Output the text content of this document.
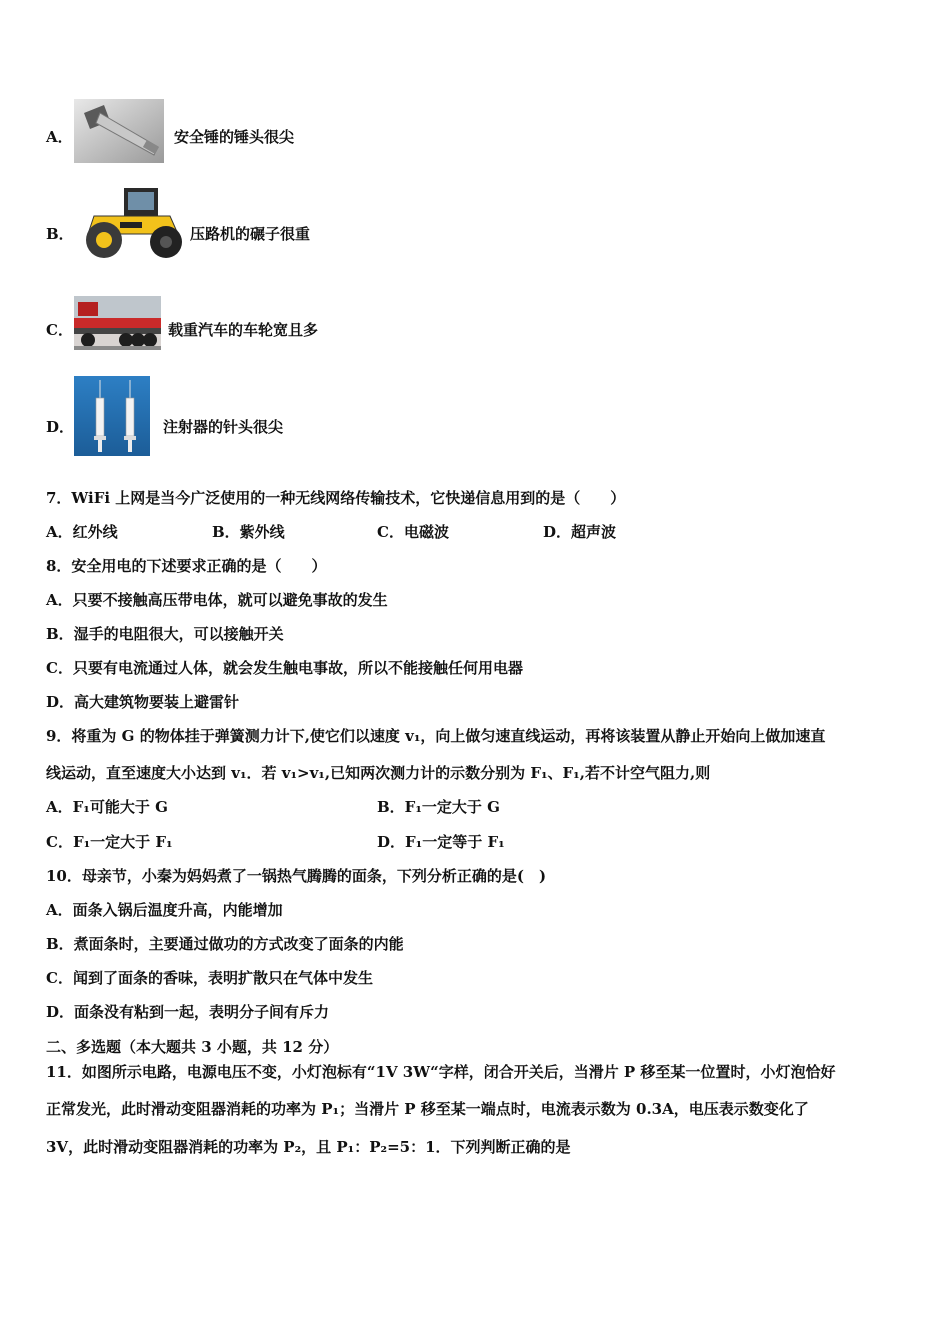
A．	安全锤的锤头很尖
B．	压路机的碾子很重
C．	载重汽车的车轮宽且多
D．	注射器的针头很尖
7．WiFi 上网是当今广泛使用的一种无线网络传输技术，它快递信息用到的是（　　）
A．红外线	B．紫外线	C．电磁波	D．超声波
8．安全用电的下述要求正确的是（　　）
A．只要不接触高压带电体，就可以避免事故的发生
B．湿手的电阻很大，可以接触开关
C．只要有电流通过人体，就会发生触电事故，所以不能接触任何用电器
D．高大建筑物要装上避雷针
9．将重为 G 的物体挂于弹簧测力计下,使它们以速度 v₁，向上做匀速直线运动，再将该装置从静止开始向上做加速直
线运动，直至速度大小达到 v₁．若 v₁>v₁,已知两次测力计的示数分别为 F₁、F₁,若不计空气阻力,则
A．F₁可能大于 G	B．F₁一定大于 G
C．F₁一定大于 F₁	D．F₁一定等于 F₁
10．母亲节，小秦为妈妈煮了一锅热气腾腾的面条，下列分析正确的是(　)
A．面条入锅后温度升高，内能增加
B．煮面条时，主要通过做功的方式改变了面条的内能
C．闻到了面条的香味，表明扩散只在气体中发生
D．面条没有粘到一起，表明分子间有斥力
二、多选题（本大题共 3 小题，共 12 分）
11．如图所示电路，电源电压不变，小灯泡标有“1V 3W“字样，闭合开关后，当滑片 P 移至某一位置时，小灯泡恰好
正常发光，此时滑动变阻器消耗的功率为 P₁；当滑片 P 移至某一端点时，电流表示数为 0.3A，电压表示数变化了
3V，此时滑动变阻器消耗的功率为 P₂，且 P₁：P₂=5：1．下列判断正确的是
